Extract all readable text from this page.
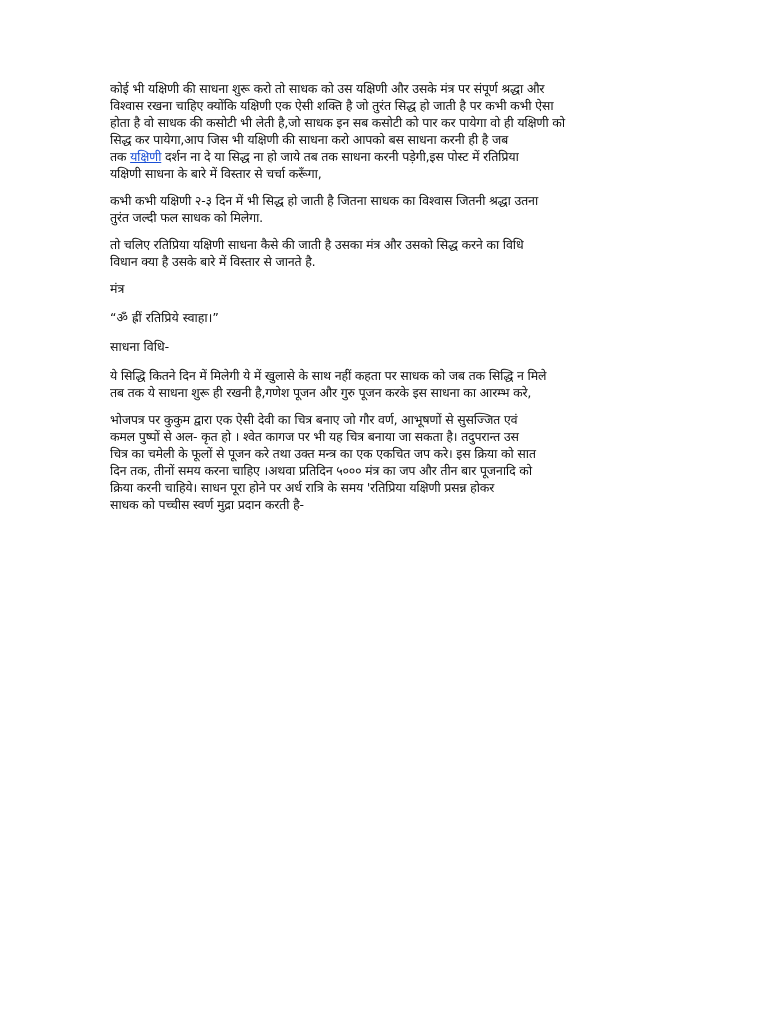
कोई भी यक्षिणी की साधना शुरू करो तो साधक को उस यक्षिणी और उसके मंत्र पर संपूर्ण श्रद्धा और
विश्वास रखना चाहिए क्योंकि यक्षिणी एक ऐसी शक्ति है जो तुरंत सिद्ध हो जाती है पर कभी कभी ऐसा
होता है वो साधक की कसोटी भी लेती है,जो साधक इन सब कसोटी को पार कर पायेगा वो ही यक्षिणी को
सिद्ध कर पायेगा,आप जिस भी यक्षिणी की साधना करो आपको बस साधना करनी ही है जब
तक यक्षिणी दर्शन ना दे या सिद्ध ना हो जाये तब तक साधना करनी पड़ेगी,इस पोस्ट में रतिप्रिया
यक्षिणी साधना के बारे में विस्तार से चर्चा करूँगा,

कभी कभी यक्षिणी २-३ दिन में भी सिद्ध हो जाती है जितना साधक का विश्वास जितनी श्रद्धा उतना
तुरंत जल्दी फल साधक को मिलेगा.

तो चलिए रतिप्रिया यक्षिणी साधना कैसे की जाती है उसका मंत्र और उसको सिद्ध करने का विधि
विधान क्या है उसके बारे में विस्तार से जानते है.

मंत्र

“ॐ ह्रीं रतिप्रिये स्वाहा।”

साधना विधि-

ये सिद्धि कितने दिन में मिलेगी ये में खुलासे के साथ नहीं कहता पर साधक को जब तक सिद्धि न मिले
तब तक ये साधना शुरू ही रखनी है,गणेश पूजन और गुरु पूजन करके इस साधना का आरम्भ करे,

भोजपत्र पर कुकुम द्वारा एक ऐसी देवी का चित्र बनाए जो गौर वर्ण, आभूषणों से सुसज्जित एवं
कमल पुष्पों से अल- कृत हो । श्वेत कागज पर भी यह चित्र बनाया जा सकता है। तदुपरान्त उस
चित्र का चमेली के फूलों से पूजन करे तथा उक्त मन्त्र का एक एकचित जप करे। इस क्रिया को सात
दिन तक, तीनों समय करना चाहिए ।अथवा प्रतिदिन ५००० मंत्र का जप और तीन बार पूजनादि को
क्रिया करनी चाहिये। साधन पूरा होने पर अर्ध रात्रि के समय 'रतिप्रिया यक्षिणी प्रसन्न होकर
साधक को पच्चीस स्वर्ण मुद्रा प्रदान करती है-
